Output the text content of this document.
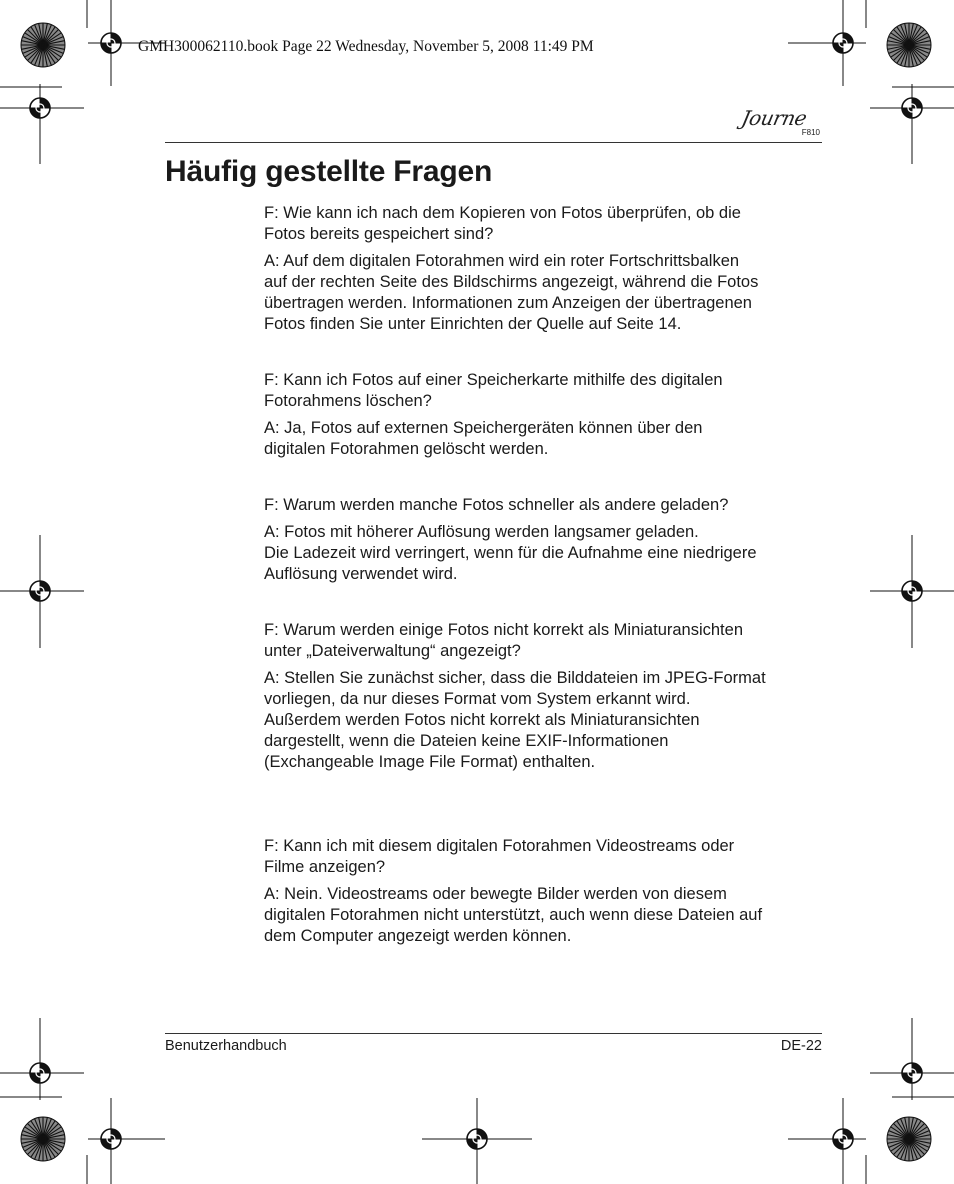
GMH300062110.book Page 22 Wednesday, November 5, 2008 11:49 PM
Journe
F810
Häufig gestellte Fragen

F: Wie kann ich nach dem Kopieren von Fotos überprüfen, ob die
Fotos bereits gespeichert sind?

A: Auf dem digitalen Fotorahmen wird ein roter Fortschrittsbalken
auf der rechten Seite des Bildschirms angezeigt, während die Fotos
übertragen werden. Informationen zum Anzeigen der übertragenen
Fotos finden Sie unter Einrichten der Quelle auf Seite 14.

F: Kann ich Fotos auf einer Speicherkarte mithilfe des digitalen
Fotorahmens löschen?

A: Ja, Fotos auf externen Speichergeräten können über den
digitalen Fotorahmen gelöscht werden.

F: Warum werden manche Fotos schneller als andere geladen?

A: Fotos mit höherer Auflösung werden langsamer geladen.
Die Ladezeit wird verringert, wenn für die Aufnahme eine niedrigere
Auflösung verwendet wird.

F: Warum werden einige Fotos nicht korrekt als Miniaturansichten
unter „Dateiverwaltung“ angezeigt?

A: Stellen Sie zunächst sicher, dass die Bilddateien im JPEG-Format
vorliegen, da nur dieses Format vom System erkannt wird.
Außerdem werden Fotos nicht korrekt als Miniaturansichten
dargestellt, wenn die Dateien keine EXIF-Informationen
(Exchangeable Image File Format) enthalten.

F: Kann ich mit diesem digitalen Fotorahmen Videostreams oder
Filme anzeigen?

A: Nein. Videostreams oder bewegte Bilder werden von diesem
digitalen Fotorahmen nicht unterstützt, auch wenn diese Dateien auf
dem Computer angezeigt werden können.

Benutzerhandbuch	DE-22
